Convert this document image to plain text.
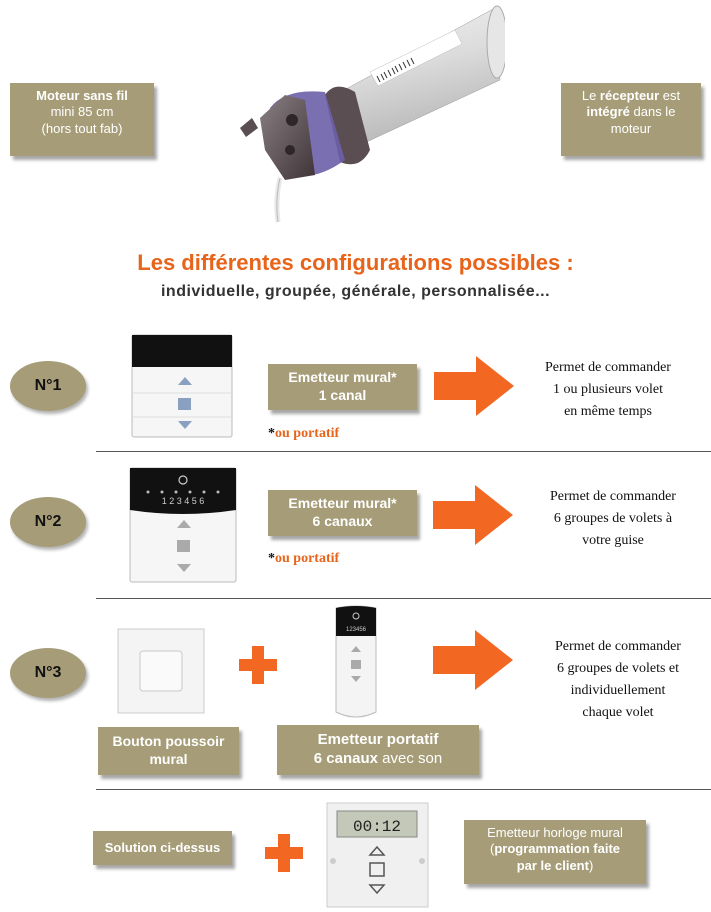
Moteur sans fil
mini 85 cm
(hors tout fab)
Le récepteur est
intégré dans le
moteur
Les différentes configurations possibles :
individuelle, groupée, générale, personnalisée...
N°1	Emetteur mural*
1 canal
*ou portatif
Permet de commander
1 ou plusieurs volet
en même temps
N°2
1 2 3 4 5 6	Emetteur mural*
6 canaux
*ou portatif
Permet de commander
6 groupes de volets à
votre guise
N°3
123456
Permet de commander
6 groupes de volets et
individuellement
chaque volet
Bouton poussoir
mural
Emetteur portatif
6 canaux avec son
Solution ci-dessus
00:12	Emetteur horloge mural
(programmation faite
par le client)
